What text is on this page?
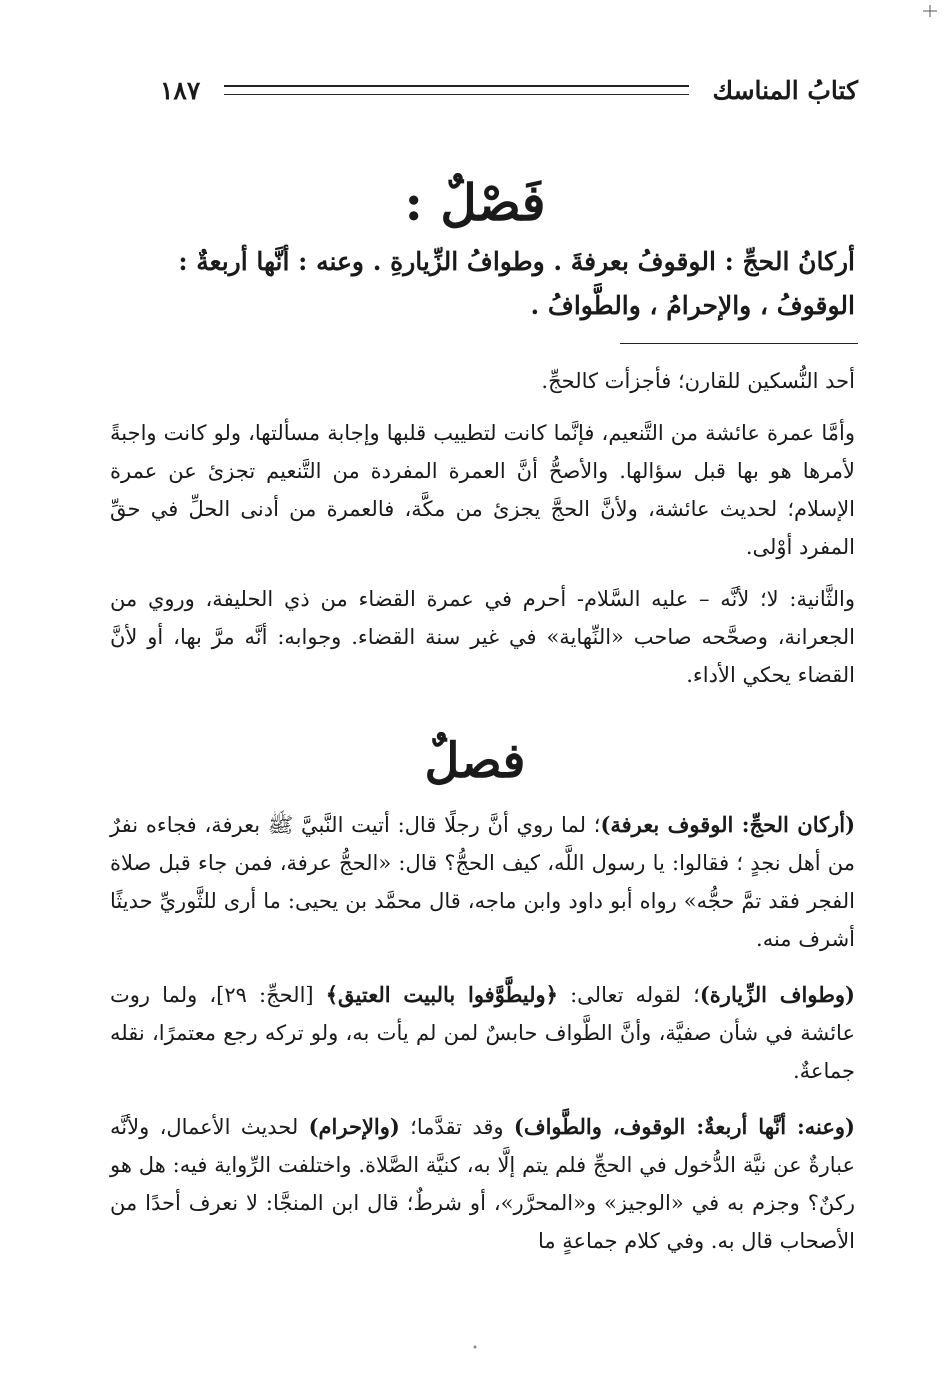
كتابُ المناسك
١٨٧
فَصْلٌ :

أركانُ الحجِّ : الوقوفُ بعرفةَ . وطوافُ الزِّيارةِ . وعنه : أنَّها أربعةٌ :

الوقوفُ ، والإحرامُ ، والطَّوافُ .

أحد النُّسكين للقارن؛ فأجزأت كالحجِّ.

وأمَّا عمرة عائشة من التَّنعيم، فإنَّما كانت لتطييب قلبها وإجابة مسألتها، ولو كانت واجبةً لأمرها هو بها قبل سؤالها. والأصحُّ أنَّ العمرة المفردة من التَّنعيم تجزئ عن عمرة الإسلام؛ لحديث عائشة، ولأنَّ الحجَّ يجزئ من مكَّة، فالعمرة من أدنى الحلِّ في حقِّ المفرد أوْلى.

والثَّانية: لا؛ لأنَّه – عليه السَّلام- أحرم في عمرة القضاء من ذي الحليفة، وروي من الجعرانة، وصحَّحه صاحب «النِّهاية» في غير سنة القضاء. وجوابه: أنَّه مرَّ بها، أو لأنَّ القضاء يحكي الأداء.

فصلٌ

(أركان الحجِّ: الوقوف بعرفة)؛ لما روي أنَّ رجلًا قال: أتيت النَّبيَّ ﷺ بعرفة، فجاءه نفرٌ من أهل نجدٍ ؛ فقالوا: يا رسول اللَّه، كيف الحجُّ؟ قال: «الحجُّ عرفة، فمن جاء قبل صلاة الفجر فقد تمَّ حجُّه» رواه أبو داود وابن ماجه، قال محمَّد بن يحيى: ما أرى للثَّوريِّ حديثًا أشرف منه.

(وطواف الزِّيارة)؛ لقوله تعالى: ﴿وليطَّوَّفوا بالبيت العتيق﴾ [الحجِّ: ٢٩]، ولما روت عائشة في شأن صفيَّة، وأنَّ الطَّواف حابسٌ لمن لم يأت به، ولو تركه رجع معتمرًا، نقله جماعةٌ.

(وعنه: أنَّها أربعةٌ: الوقوف، والطَّواف) وقد تقدَّما؛ (والإحرام) لحديث الأعمال، ولأنَّه عبارةٌ عن نيَّة الدُّخول في الحجِّ فلم يتم إلَّا به، كنيَّة الصَّلاة. واختلفت الرِّواية فيه: هل هو ركنٌ؟ وجزم به في «الوجيز» و«المحرَّر»، أو شرطٌ؛ قال ابن المنجَّا: لا نعرف أحدًا من الأصحاب قال به. وفي كلام جماعةٍ ما
